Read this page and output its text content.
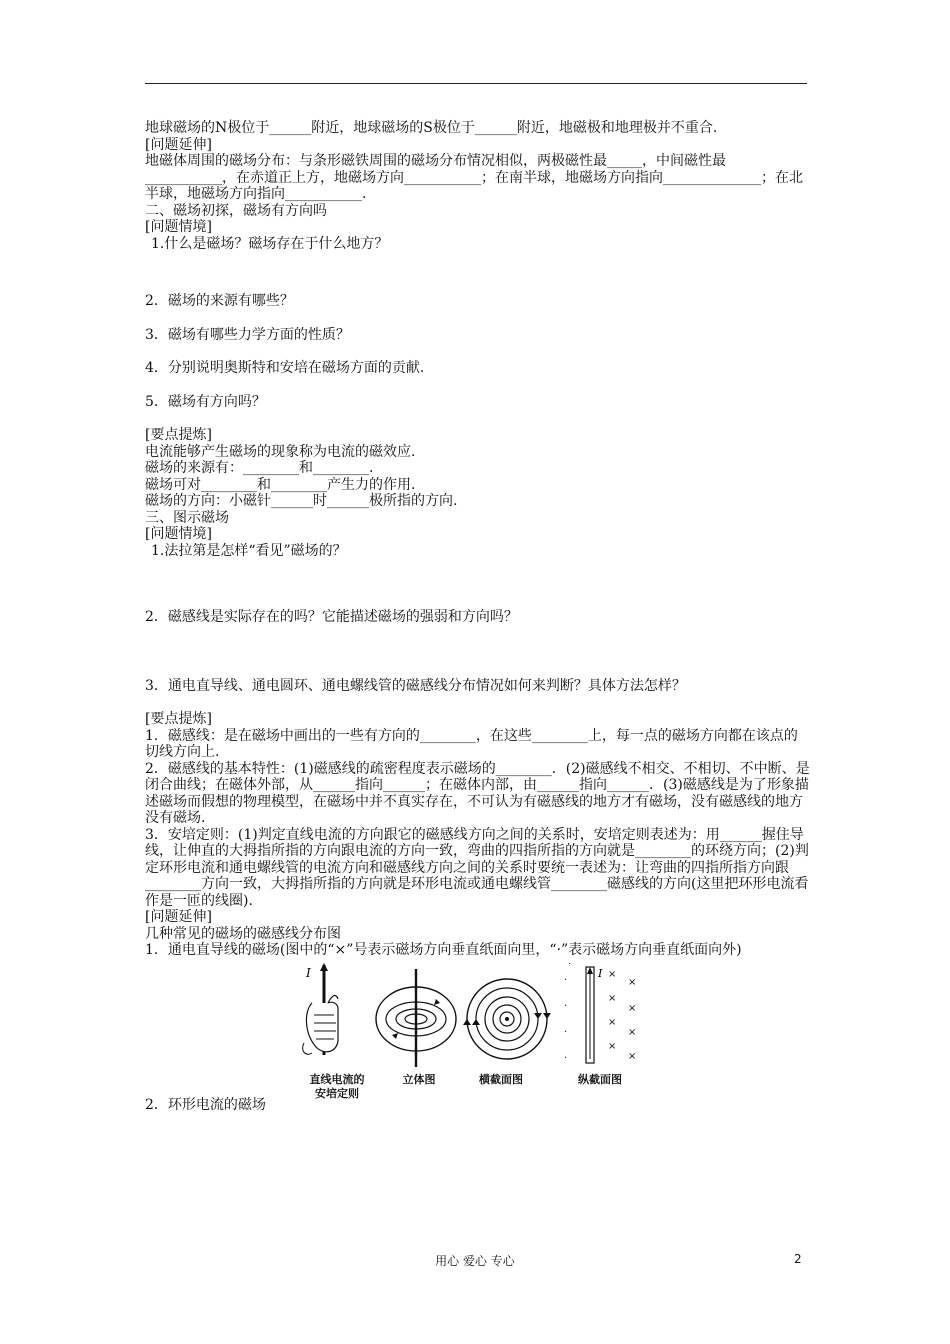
地球磁场的N极位于______附近，地球磁场的S极位于______附近，地磁极和地理极并不重合.

[问题延伸]

地磁体周围的磁场分布：与条形磁铁周围的磁场分布情况相似，两极磁性最_____，中间磁性最___________，在赤道正上方，地磁场方向___________；在南半球，地磁场方向指向______________；在北半球，地磁场方向指向___________.

二、磁场初探，磁场有方向吗

[问题情境]

1.什么是磁场？磁场存在于什么地方？

2．磁场的来源有哪些？

3．磁场有哪些力学方面的性质？

4．分别说明奥斯特和安培在磁场方面的贡献.

5．磁场有方向吗？

[要点提炼]

电流能够产生磁场的现象称为电流的磁效应.

磁场的来源有：________和________.

磁场可对________和________产生力的作用.

磁场的方向：小磁针______时______极所指的方向.

三、图示磁场

[问题情境]

1.法拉第是怎样“看见”磁场的？

2．磁感线是实际存在的吗？它能描述磁场的强弱和方向吗？

3．通电直导线、通电圆环、通电螺线管的磁感线分布情况如何来判断？具体方法怎样？

[要点提炼]

1．磁感线：是在磁场中画出的一些有方向的________，在这些________上，每一点的磁场方向都在该点的切线方向上.

2．磁感线的基本特性：(1)磁感线的疏密程度表示磁场的________．(2)磁感线不相交、不相切、不中断、是闭合曲线；在磁体外部，从______指向______；在磁体内部，由______指向______．(3)磁感线是为了形象描述磁场而假想的物理模型，在磁场中并不真实存在，不可认为有磁感线的地方才有磁场，没有磁感线的地方没有磁场.

3．安培定则：(1)判定直线电流的方向跟它的磁感线方向之间的关系时，安培定则表述为：用______握住导线，让伸直的大拇指所指的方向跟电流的方向一致，弯曲的四指所指的方向就是________的环绕方向；(2)判定环形电流和通电螺线管的电流方向和磁感线方向之间的关系时要统一表述为：让弯曲的四指所指方向跟________方向一致，大拇指所指的方向就是环形电流或通电螺线管________磁感线的方向(这里把环形电流看作是一匝的线圈).

[问题延伸]

几种常见的磁场的磁感线分布图

1．通电直导线的磁场(图中的“×”号表示磁场方向垂直纸面向里，“·”表示磁场方向垂直纸面向外)

I	I
·
·
·
·
·
×
×
×
×
×
×
×
×
直线电流的安培定则
立体图	横截面图	纵截面图

2．环形电流的磁场

用心 爱心 专心	2
